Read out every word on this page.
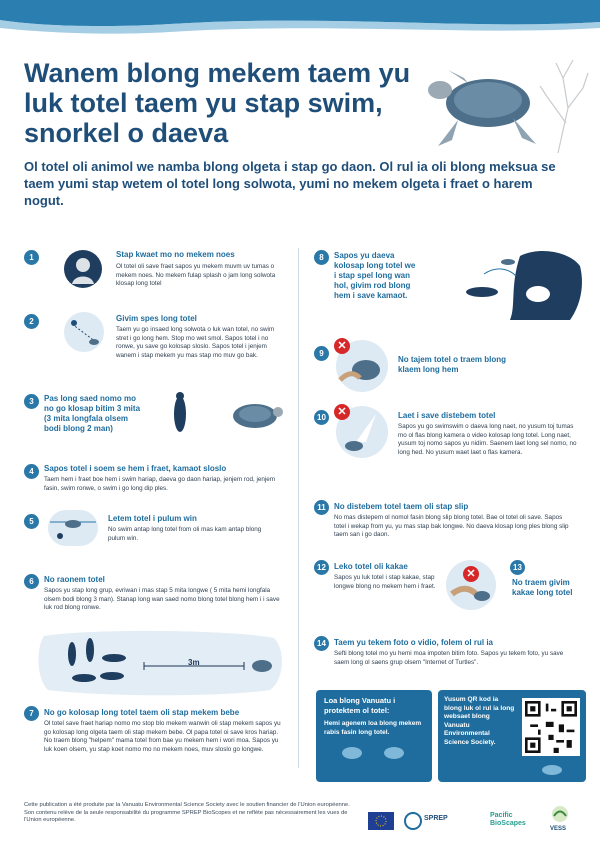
Wanem blong mekem taem yu luk totel taem yu stap swim, snorkel o daeva
Ol totel oli animol we namba blong olgeta i stap go daon. Ol rul ia oli blong meksua se taem yumi stap wetem ol totel long solwota, yumi no mekem olgeta i fraet o harem nogut.
1	Stap kwaet mo no mekem noes
Ol totel oli save fraet sapos yu mekem muvm uv tumas o mekem noes. No mekem fulap splash o jam long solwota klosap long totel
2	Givim spes long totel
Taem yu go insaed long solwota o luk wan totel, no swim stret i go long hem. Stop mo wet smol. Sapos totel i no ronwe, yu save go kolosap sloslo. Sapos totel i jenjem wanem i stap mekem yu mas stap mo muv go bak.
3	Pas long saed nomo mo no go klosap bitim 3 mita (3 mita longfala olsem bodi blong 2 man)
4	Sapos totel i soem se hem i fraet, kamaot sloslo
Taem hem i fraet boe hem i swim hariap, daeva go daon hariap, jenjem rod, jenjem fasin, swim ronwe, o swim i go long dip ples.
5	Letem totel i pulum win
No swim antap long totel from oli mas kam antap blong pulum win.
6	No raonem totel
Sapos yu stap long grup, evriwan i mas stap 5 mita longwe ( 5 mita hemi longfala olsem bodi blong 3 man). Stanap long wan saed nomo blong totel blong hem i i save luk rod blong ronwe.
3m
7	No go kolosap long totel taem oli stap mekem bebe
Ol totel save fraet hariap nomo mo stop blo mekem wanwin oli stap mekem sapos yu go kolosap long olgeta taem oli stap mekem bebe. Ol papa totel oi save kros hariap. No traem blong "helpem" mama totel from bae yu mekem hem i wori moa. Sapos yu luk koen olsem, yu stap koet nomo mo no mekem noes, muv sloslo go longwe.
8	Sapos yu daeva kolosap long totel we i stap spel long wan hol, givim rod blong hem i save kamaot.
9
✕
No tajem totel o traem blong klaem long hem
10	✕	Laet i save distebem totel
Sapos yu go swimswim o daeva long naet, no yusum toj tumas mo ol flas blong kamera o video kolosap long totel. Long naet, yusum toj nomo sapos yu nidim. Saenem laet long sel nomo, no long hed. No yusum waet laet o flas kamera.
11	No distebem totel taem oli stap slip
No mas distepem ol nomol fasin blong slip blong totel. Bae ol totel oli save. Sapos totel i wekap from yu, yu mas stap bak longwe. No daeva klosap long ples blong slip taem san i go daon.
12	Leko totel oli kakae
Sapos yu luk totel i stap kakae, stap longwe blong no mekem hem i fraet.
✕
13
No traem givim kakae long totel
14	Taem yu tekem foto o vidio, folem ol rul ia
Sefti blong totel mo yu hemi moa impoten bitim foto. Sapos yu tekem foto, yu save saem long ol saens grup olsem "Internet of Turtles".
Loa blong Vanuatu i protektem ol totel:
Hemi agenem loa blong mekem rabis fasin long totel.
Yusum QR kod ia blong luk ol rul ia long websaet blong Vanuatu Environmental Science Society.
Cette publication a été produite par la Vanuatu Environmental Science Society avec le soutien financier de l'Union européenne. Son contenu relève de la seule responsabilité du programme SPREP BioScopes et ne reflète pas nécessairement les vues de l'Union européenne.	SPREP	Pacific BioScapes
VESS
